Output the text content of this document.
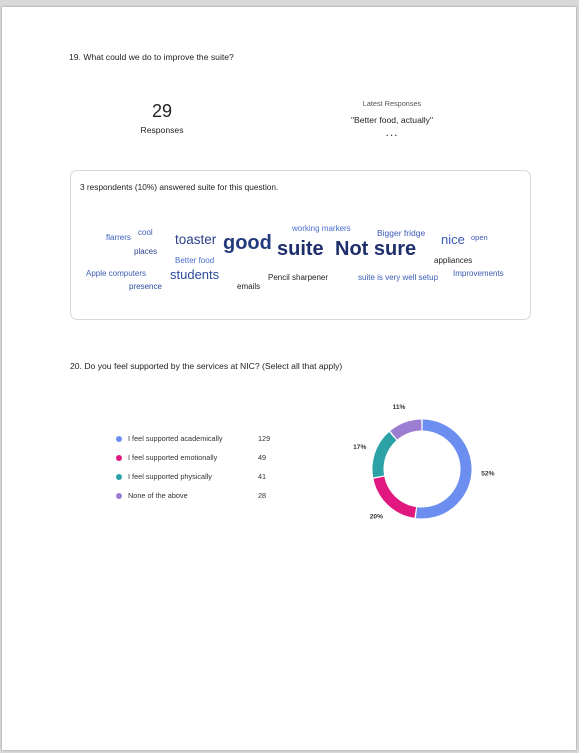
19. What could we do to improve the suite?
29
Responses
Latest Responses
"Better food, actually"
...
3 respondents (10%) answered suite for this question.
flarrers
cool toaster good suite Not sure
working markers	Bigger fridge nice open
places
Better food	appliances
Apple computers students	Pencil sharpener	suite is very well setup Improvements
presence	emails
20. Do you feel supported by the services at NIC? (Select all that apply)
I feel supported academically	129
I feel supported emotionally	49
I feel supported physically	41
None of the above	28
52%
20%
17%
11%
